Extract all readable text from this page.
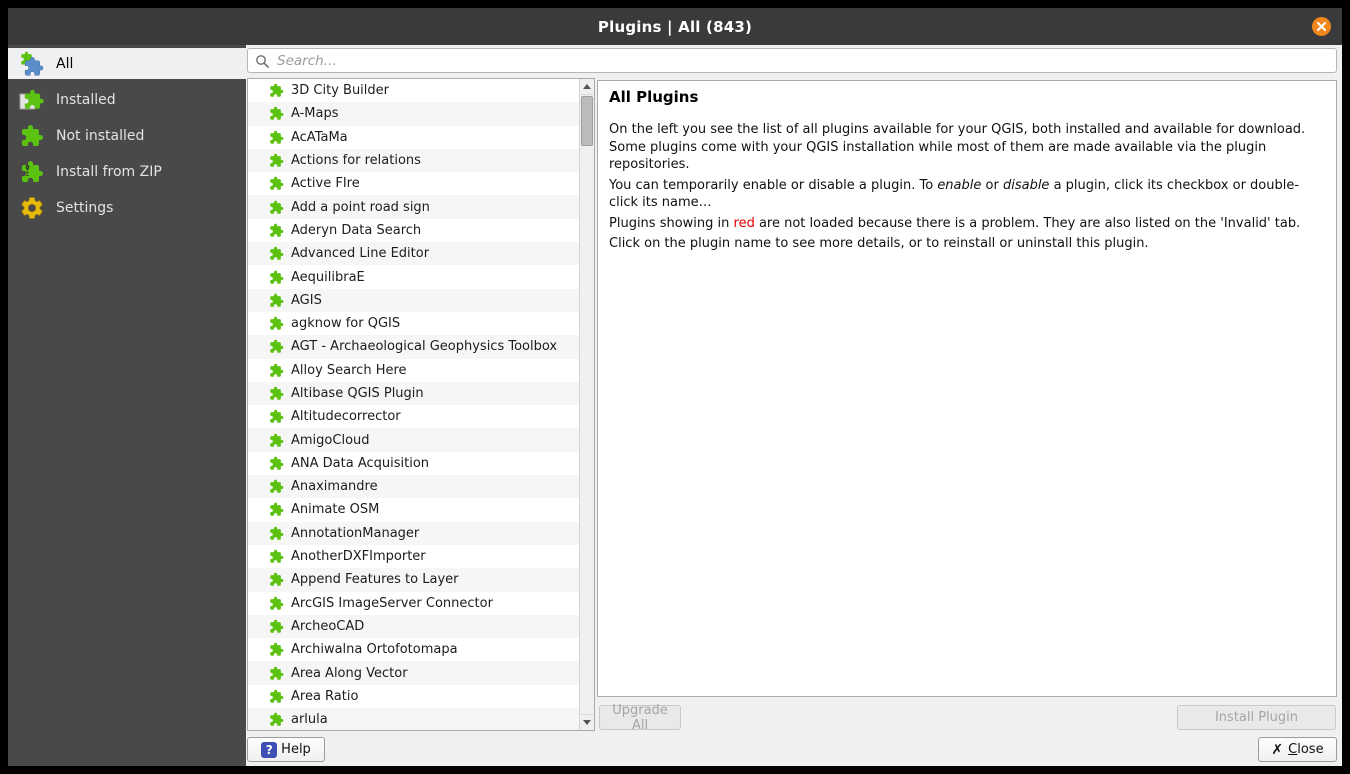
Plugins | All (843)
All
Installed
Not installed
Install from ZIP
Settings
Search…
3D City Builder
A-Maps
AcATaMa
Actions for relations
Active FIre
Add a point road sign
Aderyn Data Search
Advanced Line Editor
AequilibraE
AGIS
agknow for QGIS
AGT - Archaeological Geophysics Toolbox
Alloy Search Here
Altibase QGIS Plugin
Altitudecorrector
AmigoCloud
ANA Data Acquisition
Anaximandre
Animate OSM
AnnotationManager
AnotherDXFImporter
Append Features to Layer
ArcGIS ImageServer Connector
ArcheoCAD
Archiwalna Ortofotomapa
Area Along Vector
Area Ratio
arlula
All Plugins

On the left you see the list of all plugins available for your QGIS, both installed and available for download. Some plugins come with your QGIS installation while most of them are made available via the plugin repositories.

You can temporarily enable or disable a plugin. To enable or disable a plugin, click its checkbox or double-click its name…

Plugins showing in red are not loaded because there is a problem. They are also listed on the 'Invalid' tab.

Click on the plugin name to see more details, or to reinstall or uninstall this plugin.

Upgrade All	Install Plugin
? Help	✗ Close
